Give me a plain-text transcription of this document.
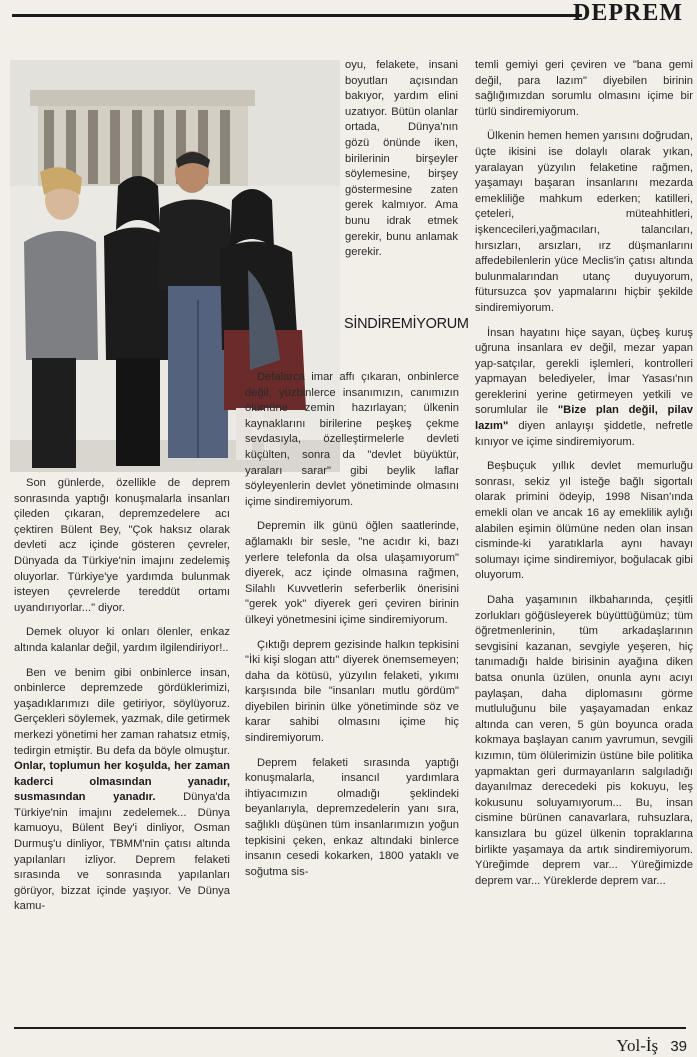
DEPREM

Son günlerde, özellikle de deprem sonrasında yaptığı konuşmalarla insanları çileden çıkaran, depremzedelere acı çektiren Bülent Bey, "Çok haksız olarak devleti acz içinde gösteren çevreler, Dünyada da Türkiye'nin imajını zedelemiş oluyorlar. Türkiye'ye yardımda bulunmak isteyen çevrelerde tereddüt ortamı uyandırıyorlar..." diyor.

Demek oluyor ki onları ölenler, enkaz altında kalanlar değil, yardım ilgilendiriyor!..

Ben ve benim gibi onbinlerce insan, onbinlerce depremzede gördüklerimizi, yaşadıklarımızı dile getiriyor, söylüyoruz. Gerçekleri söylemek, yazmak, dile getirmek merkezi yönetimi her zaman rahatsız etmiş, tedirgin etmiştir. Bu defa da böyle olmuştur. Onlar, toplumun her koşulda, her zaman kaderci olmasından yanadır, susmasından yanadır. Dünya'da Türkiye'nin imajını zedelemek... Dünya kamuoyu, Bülent Bey'i dinliyor, Osman Durmuş'u dinliyor, TBMM'nin çatısı altında yapılanları izliyor. Deprem felaketi sırasında ve sonrasında yapılanları görüyor, bizzat içinde yaşıyor. Ve Dünya kamu-

oyu, felakete, insani boyutları açısından bakıyor, yardım elini uzatıyor. Bütün olanlar ortada, Dünya'nın gözü önünde iken, birilerinin birşeyler söylemesine, birşey göstermesine zaten gerek kalmıyor. Ama bunu idrak etmek gerekir, bunu anlamak gerekir.

SİNDİREMİYORUM

Defalarca imar affı çıkaran, onbinlerce değil, yüzbinlerce insanımızın, canımızın ölümüne zemin hazırlayan; ülkenin kaynaklarını birilerine peşkeş çekme sevdasıyla, özelleştirmelerle devleti küçülten, sonra da "devlet büyüktür, yaraları sarar" gibi beylik laflar söyleyenlerin devlet yönetiminde olmasını içime sindiremiyorum.

Depremin ilk günü öğlen saatlerinde, ağlamaklı bir sesle, "ne acıdır ki, bazı yerlere telefonla da olsa ulaşamıyorum" diyerek, acz içinde olmasına rağmen, Silahlı Kuvvetlerin seferberlik önerisini "gerek yok" diyerek geri çeviren birinin ülkeyi yönetmesini içime sindiremiyorum.

Çıktığı deprem gezisinde halkın tepkisini "İki kişi slogan attı" diyerek önemsemeyen; daha da kötüsü, yüzyılın felaketi, yıkımı karşısında bile "insanları mutlu gördüm" diyebilen birinin ülke yönetiminde söz ve karar sahibi olmasını içime hiç sindiremiyorum.

Deprem felaketi sırasında yaptığı konuşmalarla, insancıl yardımlara ihtiyacımızın olmadığı şeklindeki beyanlarıyla, depremzedelerin yanı sıra, sağlıklı düşünen tüm insanlarımızın yoğun tepkisini çeken, enkaz altındaki binlerce insanın cesedi kokarken, 1800 yataklı ve soğutma sis-

temli gemiyi geri çeviren ve "bana gemi değil, para lazım" diyebilen birinin sağlığımızdan sorumlu olmasını içime bir türlü sindiremiyorum.

Ülkenin hemen hemen yarısını doğrudan, üçte ikisini ise dolaylı olarak yıkan, yaralayan yüzyılın felaketine rağmen, yaşamayı başaran insanlarını mezarda emekliliğe mahkum ederken; katilleri, çeteleri, müteahhitleri, işkencecileri,yağmacıları, talancıları, hırsızları, arsızları, ırz düşmanlarını affedebilenlerin yüce Meclis'in çatısı altında bulunmalarından utanç duyuyorum, fütursuzca şov yapmalarını hiçbir şekilde sindiremiyorum.

İnsan hayatını hiçe sayan, üçbeş kuruş uğruna insanlara ev değil, mezar yapan yap-satçılar, gerekli işlemleri, kontrolleri yapmayan belediyeler, İmar Yasası'nın gereklerini yerine getirmeyen yetkili ve sorumlular ile "Bize plan değil, pilav lazım" diyen anlayışı şiddetle, nefretle kınıyor ve içime sindiremiyorum.

Beşbuçuk yıllık devlet memurluğu sonrası, sekiz yıl isteğe bağlı sigortalı olarak primini ödeyip, 1998 Nisan'ında emekli olan ve ancak 16 ay emeklilik aylığı alabilen eşimin ölümüne neden olan insan cisminde-ki yaratıklarla aynı havayı solumayı içime sindiremiyor, boğulacak gibi oluyorum.

Daha yaşamının ilkbaharında, çeşitli zorlukları göğüsleyerek büyüttüğümüz; tüm öğretmenlerinin, tüm arkadaşlarının sevgisini kazanan, sevgiyle yeşeren, hiç tanımadığı halde birisinin ayağına diken batsa onunla üzülen, onunla aynı acıyı paylaşan, daha diplomasını görme mutluluğunu bile yaşayamadan enkaz altında can veren, 5 gün boyunca orada kokmaya başlayan canım yavrumun, sevgili kızımın, tüm ölülerimizin üstüne bile politika yapmaktan geri durmayanların salgıladığı dayanılmaz derecedeki pis kokuyu, leş kokusunu soluyamıyorum... Bu, insan cismine bürünen canavarlara, ruhsuzlara, kansızlara bu güzel ülkenin topraklarına birlikte yaşamaya da artık sindiremiyorum. Yüreğimde deprem var... Yüreğimizde deprem var... Yüreklerde deprem var...

Yol-İş 39
